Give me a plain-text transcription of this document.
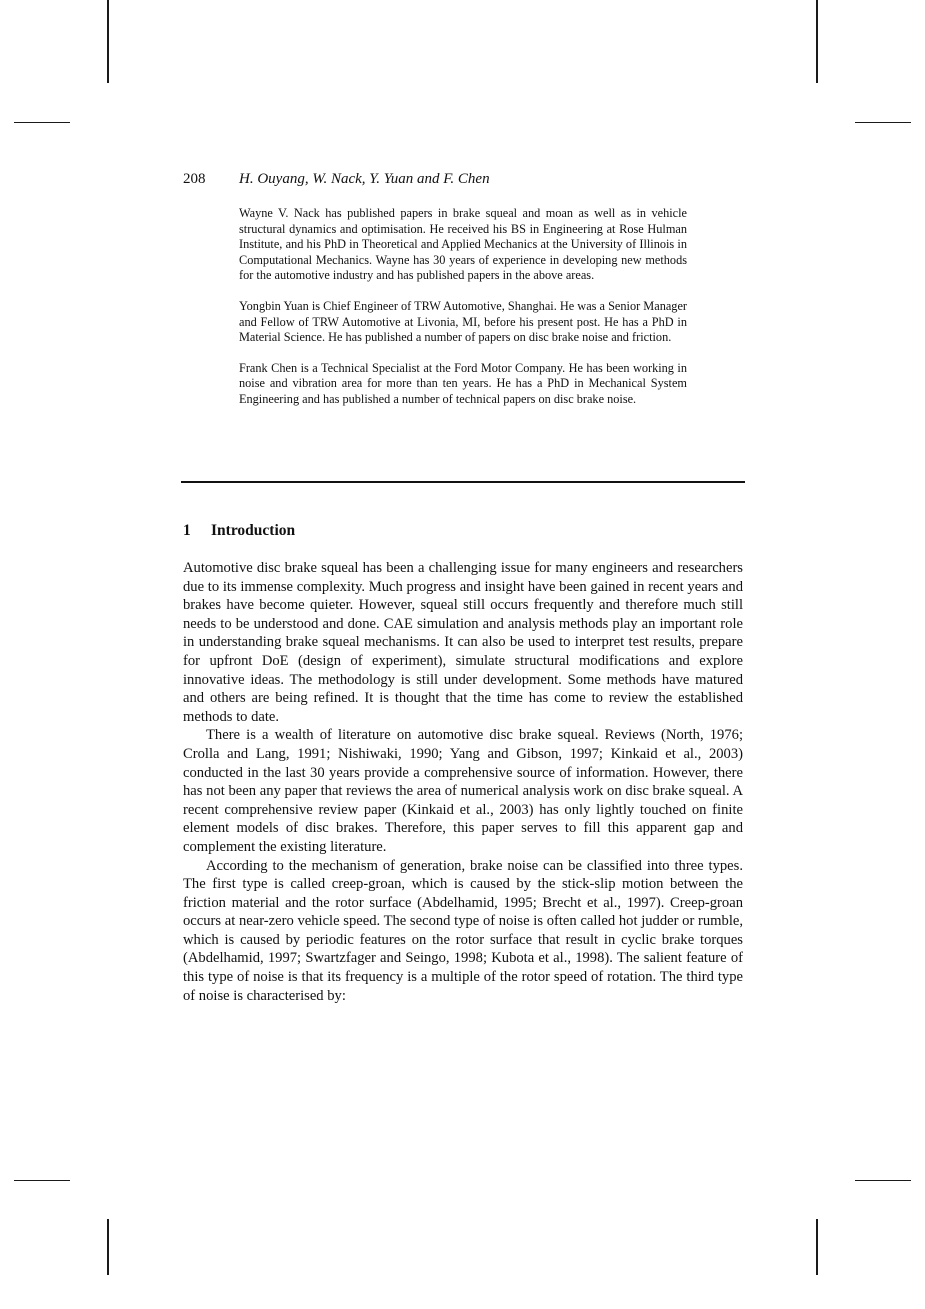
208 H. Ouyang, W. Nack, Y. Yuan and F. Chen

Wayne V. Nack has published papers in brake squeal and moan as well as in vehicle structural dynamics and optimisation. He received his BS in Engineering at Rose Hulman Institute, and his PhD in Theoretical and Applied Mechanics at the University of Illinois in Computational Mechanics. Wayne has 30 years of experience in developing new methods for the automotive industry and has published papers in the above areas.

Yongbin Yuan is Chief Engineer of TRW Automotive, Shanghai. He was a Senior Manager and Fellow of TRW Automotive at Livonia, MI, before his present post. He has a PhD in Material Science. He has published a number of papers on disc brake noise and friction.

Frank Chen is a Technical Specialist at the Ford Motor Company. He has been working in noise and vibration area for more than ten years. He has a PhD in Mechanical System Engineering and has published a number of technical papers on disc brake noise.

1 Introduction

Automotive disc brake squeal has been a challenging issue for many engineers and researchers due to its immense complexity. Much progress and insight have been gained in recent years and brakes have become quieter. However, squeal still occurs frequently and therefore much still needs to be understood and done. CAE simulation and analysis methods play an important role in understanding brake squeal mechanisms. It can also be used to interpret test results, prepare for upfront DoE (design of experiment), simulate structural modifications and explore innovative ideas. The methodology is still under development. Some methods have matured and others are being refined. It is thought that the time has come to review the established methods to date.

There is a wealth of literature on automotive disc brake squeal. Reviews (North, 1976; Crolla and Lang, 1991; Nishiwaki, 1990; Yang and Gibson, 1997; Kinkaid et al., 2003) conducted in the last 30 years provide a comprehensive source of information. However, there has not been any paper that reviews the area of numerical analysis work on disc brake squeal. A recent comprehensive review paper (Kinkaid et al., 2003) has only lightly touched on finite element models of disc brakes. Therefore, this paper serves to fill this apparent gap and complement the existing literature.

According to the mechanism of generation, brake noise can be classified into three types. The first type is called creep-groan, which is caused by the stick-slip motion between the friction material and the rotor surface (Abdelhamid, 1995; Brecht et al., 1997). Creep-groan occurs at near-zero vehicle speed. The second type of noise is often called hot judder or rumble, which is caused by periodic features on the rotor surface that result in cyclic brake torques (Abdelhamid, 1997; Swartzfager and Seingo, 1998; Kubota et al., 1998). The salient feature of this type of noise is that its frequency is a multiple of the rotor speed of rotation. The third type of noise is characterised by:
